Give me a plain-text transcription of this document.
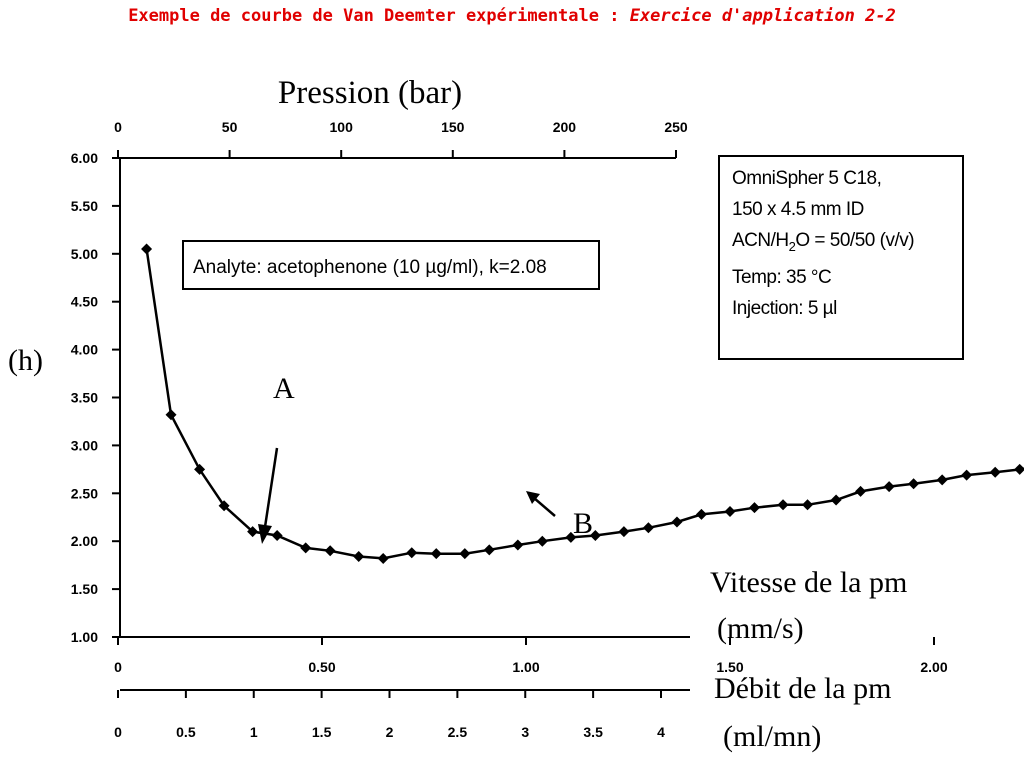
Exemple de courbe de Van Deemter expérimentale : Exercice d'application 2-2
Pression (bar)
6.00
5.50
5.00
4.50
4.00
3.50
3.00
2.50
2.00
1.50
1.00
0	50	100	150	200	250
0	0.50	1.00	1.50	2.00
0	0.5	1	1.5	2	2.5	3	3.5	4
Analyte: acetophenone (10 µg/ml), k=2.08
A
B
(h)
Vitesse de la pm
(mm/s)
Débit de la pm
(ml/mn)
OmniSpher 5 C18,
150 x 4.5 mm ID
ACN/$H_2O = 50/50$ (v/v)
Temp: 35 °C
Injection: 5 µl
